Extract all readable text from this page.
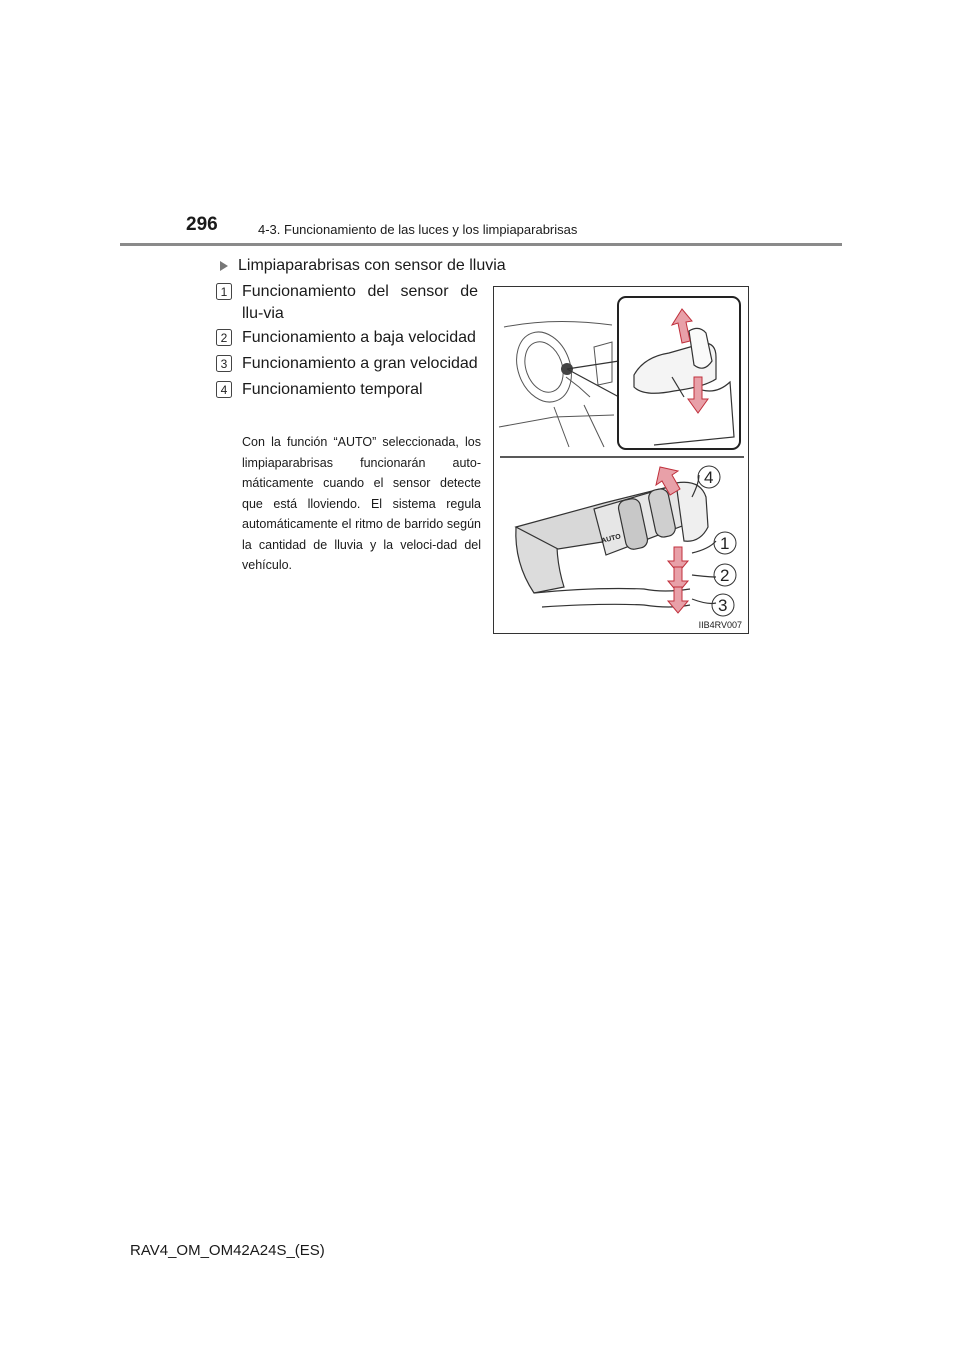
296	4-3. Funcionamiento de las luces y los limpiaparabrisas
Limpiaparabrisas con sensor de lluvia
1 Funcionamiento del sensor de llu-via
2 Funcionamiento a baja velocidad
3 Funcionamiento a gran velocidad
4 Funcionamiento temporal
Con la función “AUTO” seleccionada, los limpiaparabrisas funcionarán auto-máticamente cuando el sensor detecte que está lloviendo. El sistema regula automáticamente el ritmo de barrido según la cantidad de lluvia y la veloci-dad del vehículo.
AUTO
4
1
2
3
IIB4RV007
RAV4_OM_OM42A24S_(ES)
